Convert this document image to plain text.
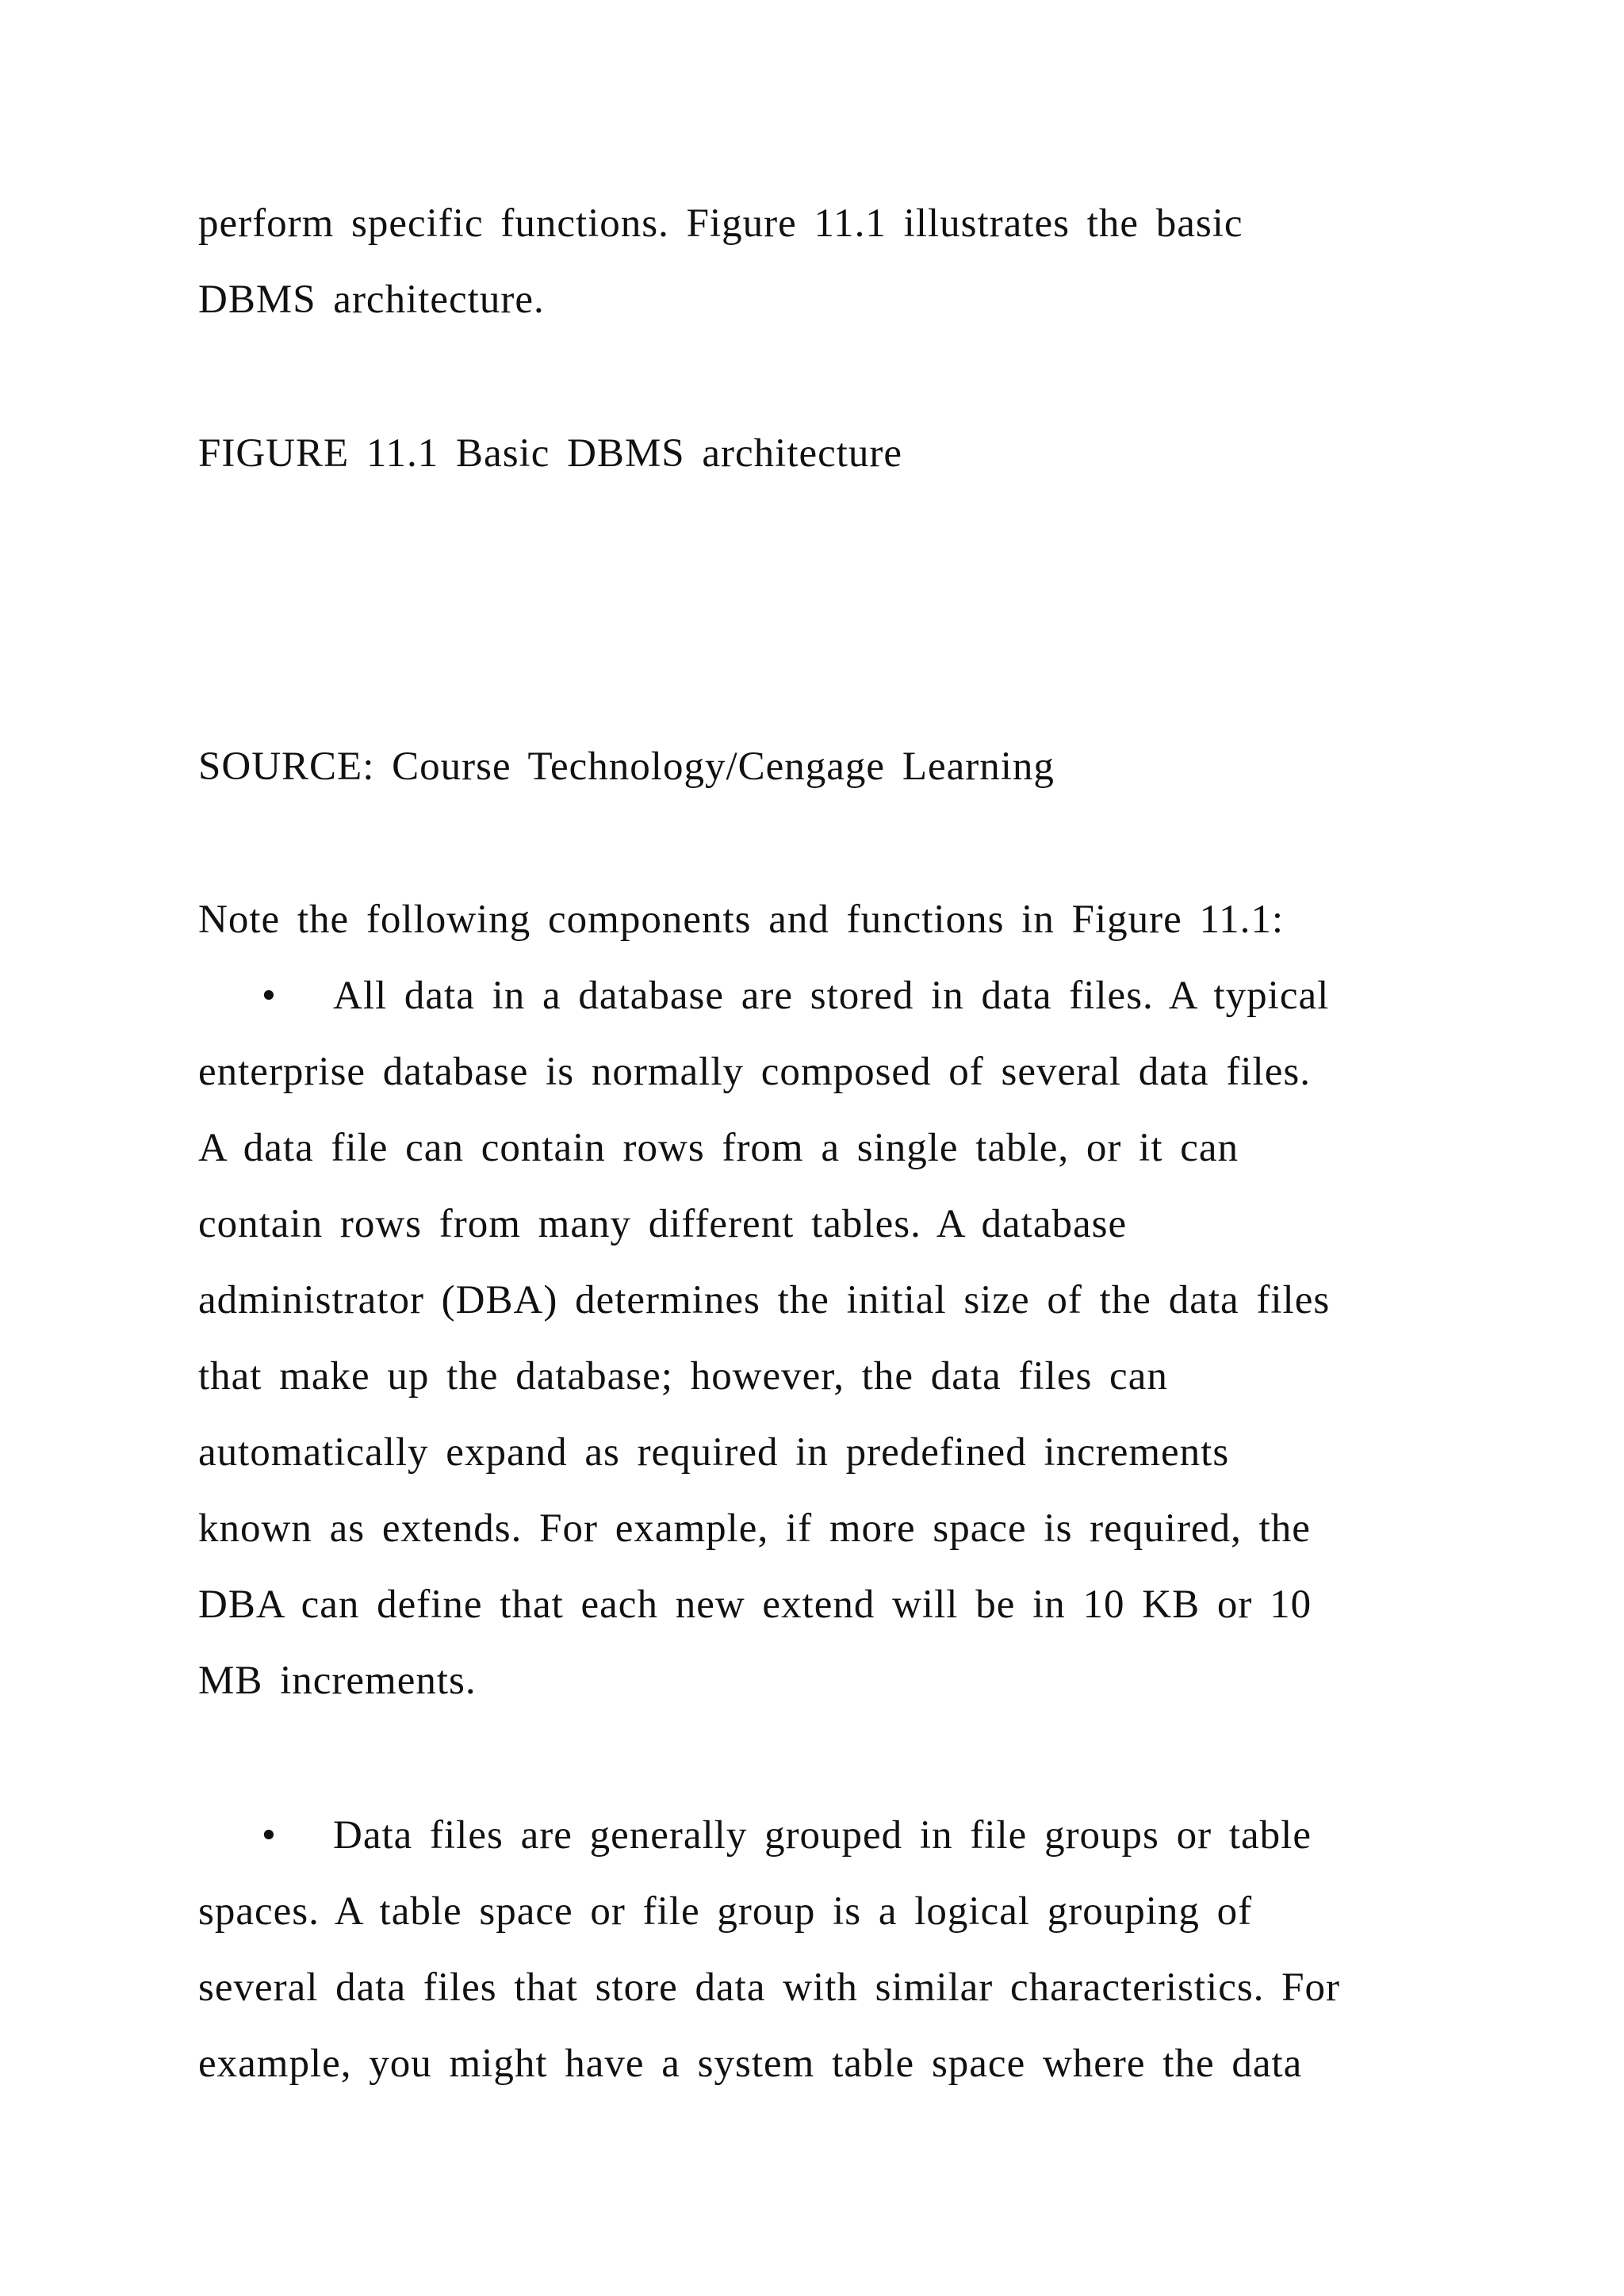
perform specific functions. Figure 11.1 illustrates the basic
DBMS architecture.
FIGURE 11.1 Basic DBMS architecture
SOURCE: Course Technology/Cengage Learning
Note the following components and functions in Figure 11.1:
• All data in a database are stored in data files. A typical
enterprise database is normally composed of several data files.
A data file can contain rows from a single table, or it can
contain rows from many different tables. A database
administrator (DBA) determines the initial size of the data files
that make up the database; however, the data files can
automatically expand as required in predefined increments
known as extends. For example, if more space is required, the
DBA can define that each new extend will be in 10 KB or 10
MB increments.
• Data files are generally grouped in file groups or table
spaces. A table space or file group is a logical grouping of
several data files that store data with similar characteristics. For
example, you might have a system table space where the data
